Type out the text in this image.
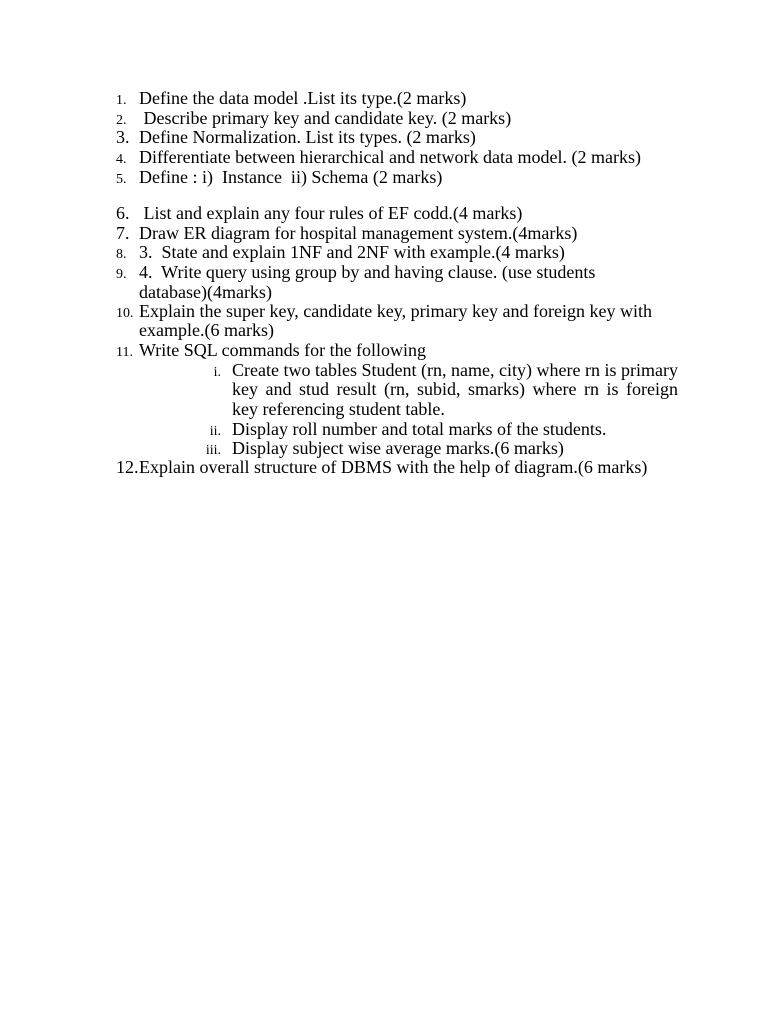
1. Define the data model .List its type.(2 marks)
2. Describe primary key and candidate key. (2 marks)
3. Define Normalization. List its types. (2 marks)
4. Differentiate between hierarchical and network data model. (2 marks)
5. Define : i)  Instance  ii) Schema (2 marks)
6. List and explain any four rules of EF codd.(4 marks)
7. Draw ER diagram for hospital management system.(4marks)
8. 3.  State and explain 1NF and 2NF with example.(4 marks)
9. 4.  Write query using group by and having clause. (use students
database)(4marks)
10. Explain the super key, candidate key, primary key and foreign key with
example.(6 marks)
11. Write SQL commands for the following
i. Create two tables Student (rn, name, city) where rn is primary
key and stud result (rn, subid, smarks) where rn is foreign
key referencing student table.
ii. Display roll number and total marks of the students.
iii. Display subject wise average marks.(6 marks)
12.Explain overall structure of DBMS with the help of diagram.(6 marks)
